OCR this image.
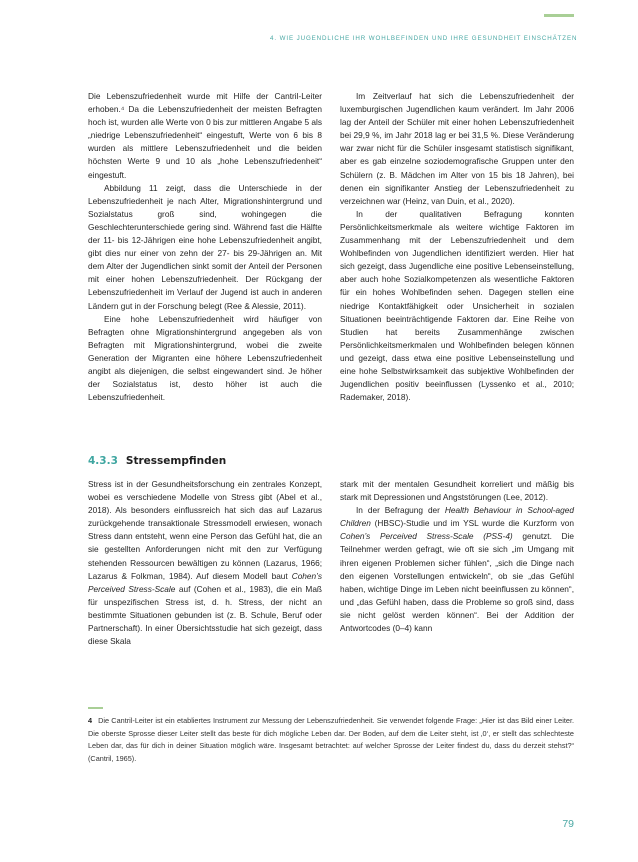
4. WIE JUGENDLICHE IHR WOHLBEFINDEN UND IHRE GESUNDHEIT EINSCHÄTZEN

Die Lebenszufriedenheit wurde mit Hilfe der Cantril-Leiter erhoben.⁴ Da die Lebenszufriedenheit der meisten Befragten hoch ist, wurden alle Werte von 0 bis zur mittleren Angabe 5 als „niedrige Lebenszufriedenheit“ eingestuft, Werte von 6 bis 8 wurden als mittlere Lebenszufriedenheit und die beiden höchsten Werte 9 und 10 als „hohe Lebenszufriedenheit“ eingestuft.

Abbildung 11 zeigt, dass die Unterschiede in der Lebenszufriedenheit je nach Alter, Migrationshintergrund und Sozialstatus groß sind, wohingegen die Geschlechterunterschiede gering sind. Während fast die Hälfte der 11- bis 12-Jährigen eine hohe Lebenszufriedenheit angibt, gibt dies nur einer von zehn der 27- bis 29-Jährigen an. Mit dem Alter der Jugendlichen sinkt somit der Anteil der Personen mit einer hohen Lebenszufriedenheit. Der Rückgang der Lebenszufriedenheit im Verlauf der Jugend ist auch in anderen Ländern gut in der Forschung belegt (Ree & Alessie, 2011).

Eine hohe Lebenszufriedenheit wird häufiger von Befragten ohne Migrationshintergrund angegeben als von Befragten mit Migrationshintergrund, wobei die zweite Generation der Migranten eine höhere Lebenszufriedenheit angibt als diejenigen, die selbst eingewandert sind. Je höher der Sozialstatus ist, desto höher ist auch die Lebenszufriedenheit.

Im Zeitverlauf hat sich die Lebenszufriedenheit der luxemburgischen Jugendlichen kaum verändert. Im Jahr 2006 lag der Anteil der Schüler mit einer hohen Lebenszufriedenheit bei 29,9 %, im Jahr 2018 lag er bei 31,5 %. Diese Veränderung war zwar nicht für die Schüler insgesamt statistisch signifikant, aber es gab einzelne soziodemografische Gruppen unter den Schülern (z. B. Mädchen im Alter von 15 bis 18 Jahren), bei denen ein signifikanter Anstieg der Lebenszufriedenheit zu verzeichnen war (Heinz, van Duin, et al., 2020).

In der qualitativen Befragung konnten Persönlichkeitsmerkmale als weitere wichtige Faktoren im Zusammenhang mit der Lebenszufriedenheit und dem Wohlbefinden von Jugendlichen identifiziert werden. Hier hat sich gezeigt, dass Jugendliche eine positive Lebenseinstellung, aber auch hohe Sozialkompetenzen als wesentliche Faktoren für ein hohes Wohlbefinden sehen. Dagegen stellen eine niedrige Kontaktfähigkeit oder Unsicherheit in sozialen Situationen beeinträchtigende Faktoren dar. Eine Reihe von Studien hat bereits Zusammenhänge zwischen Persönlichkeitsmerkmalen und Wohlbefinden belegen können und gezeigt, dass etwa eine positive Lebenseinstellung und eine hohe Selbstwirksamkeit das subjektive Wohlbefinden der Jugendlichen positiv beeinflussen (Lyssenko et al., 2010; Rademaker, 2018).

4.3.3 Stressempfinden

Stress ist in der Gesundheitsforschung ein zentrales Konzept, wobei es verschiedene Modelle von Stress gibt (Abel et al., 2018). Als besonders einflussreich hat sich das auf Lazarus zurückgehende transaktionale Stressmodell erwiesen, wonach Stress dann entsteht, wenn eine Person das Gefühl hat, die an sie gestellten Anforderungen nicht mit den zur Verfügung stehenden Ressourcen bewältigen zu können (Lazarus, 1966; Lazarus & Folkman, 1984). Auf diesem Modell baut Cohen’s Perceived Stress-Scale auf (Cohen et al., 1983), die ein Maß für unspezifischen Stress ist, d. h. Stress, der nicht an bestimmte Situationen gebunden ist (z. B. Schule, Beruf oder Partnerschaft). In einer Übersichtsstudie hat sich gezeigt, dass diese Skala

stark mit der mentalen Gesundheit korreliert und mäßig bis stark mit Depressionen und Angststörungen (Lee, 2012).

In der Befragung der Health Behaviour in School-aged Children (HBSC)-Studie und im YSL wurde die Kurzform von Cohen’s Perceived Stress-Scale (PSS-4) genutzt. Die Teilnehmer werden gefragt, wie oft sie sich „im Umgang mit ihren eigenen Problemen sicher fühlen“, „sich die Dinge nach den eigenen Vorstellungen entwickeln“, ob sie „das Gefühl haben, wichtige Dinge im Leben nicht beeinflussen zu können“, und „das Gefühl haben, dass die Probleme so groß sind, dass sie nicht gelöst werden können“. Bei der Addition der Antwortcodes (0–4) kann

4 Die Cantril-Leiter ist ein etabliertes Instrument zur Messung der Lebenszufriedenheit. Sie verwendet folgende Frage: „Hier ist das Bild einer Leiter. Die oberste Sprosse dieser Leiter stellt das beste für dich mögliche Leben dar. Der Boden, auf dem die Leiter steht, ist ‚0‘, er stellt das schlechteste Leben dar, das für dich in deiner Situation möglich wäre. Insgesamt betrachtet: auf welcher Sprosse der Leiter findest du, dass du derzeit stehst?“ (Cantril, 1965).
79
